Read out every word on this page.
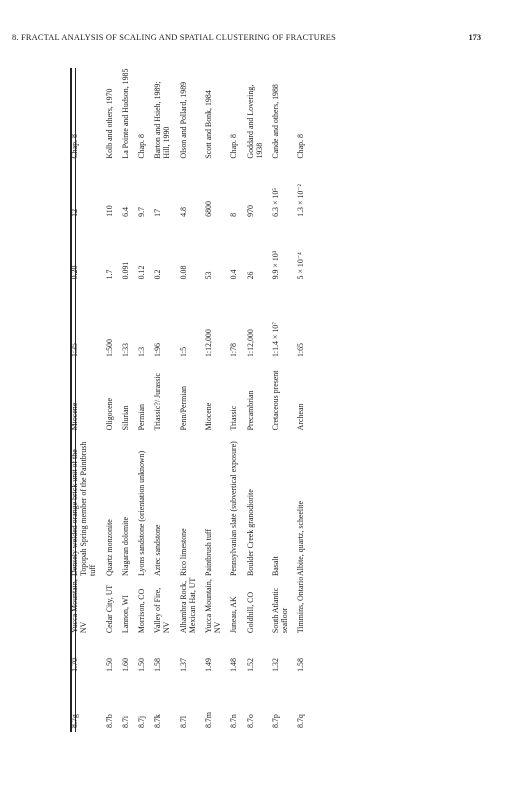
8. FRACTAL ANALYSIS OF SCALING AND SPATIAL CLUSTERING OF FRACTURES	173
8.7g	1.70	Yucca Mountain, NV	Densely welded orange brick unit of the Topopah Spring member of the Paintbrush tuff	Miocene	1:35	0.20	12	Chap. 8
8.7b	1.50	Cedar City, UT	Quartz monzonite	Oligocene	1:500	1.7	110	Kolb and others, 1970
8.7i	1.60	Lannon, WI	Niagaran dolomite	Silurian	1:33	0.091	6.4	La Pointe and Hudson, 1985
8.7j	1.50	Morrison, CO	Lyons sandstone (orientation unknown)	Permian	1:3	0.12	9.7	Chap. 8
8.7k	1.58	Valley of Fire, NV	Aztec sandstone	Triassic?/ Jurassic	1:96	0.2	17	Barton and Hsieh, 1989; Hill, 1990
8.7l	1.37	Alhambra Rock, Mexican Hat, UT	Rico limestone	Penn/Permian	1:5	0.08	4.8	Olson and Pollard, 1989
8.7m	1.49	Yucca Mountain, NV	Paintbrush tuff	Miocene	1:12,000	53	6800	Scott and Bonk, 1984
8.7n	1.48	Juneau, AK	Pennsylvanian slate (subvertical exposure)	Triassic	1:78	0.4	8	Chap. 8
8.7o	1.52	Goldhill, CO	Boulder Creek granodiorite	Precambrian	1:12,000	26	970	Goddard and Lovering, 1938
8.7p	1.32	South Atlantic seafloor	Basalt	Cretaceous present	1:1.4 × 10⁷	9.9 × 10³	6.3 × 10⁵	Cande and others, 1988
8.7q	1.58	Timmins, Ontario	Albite, quartz, scheelite	Archean	1:65	5 × 10⁻⁴	1.3 × 10⁻²	Chap. 8
